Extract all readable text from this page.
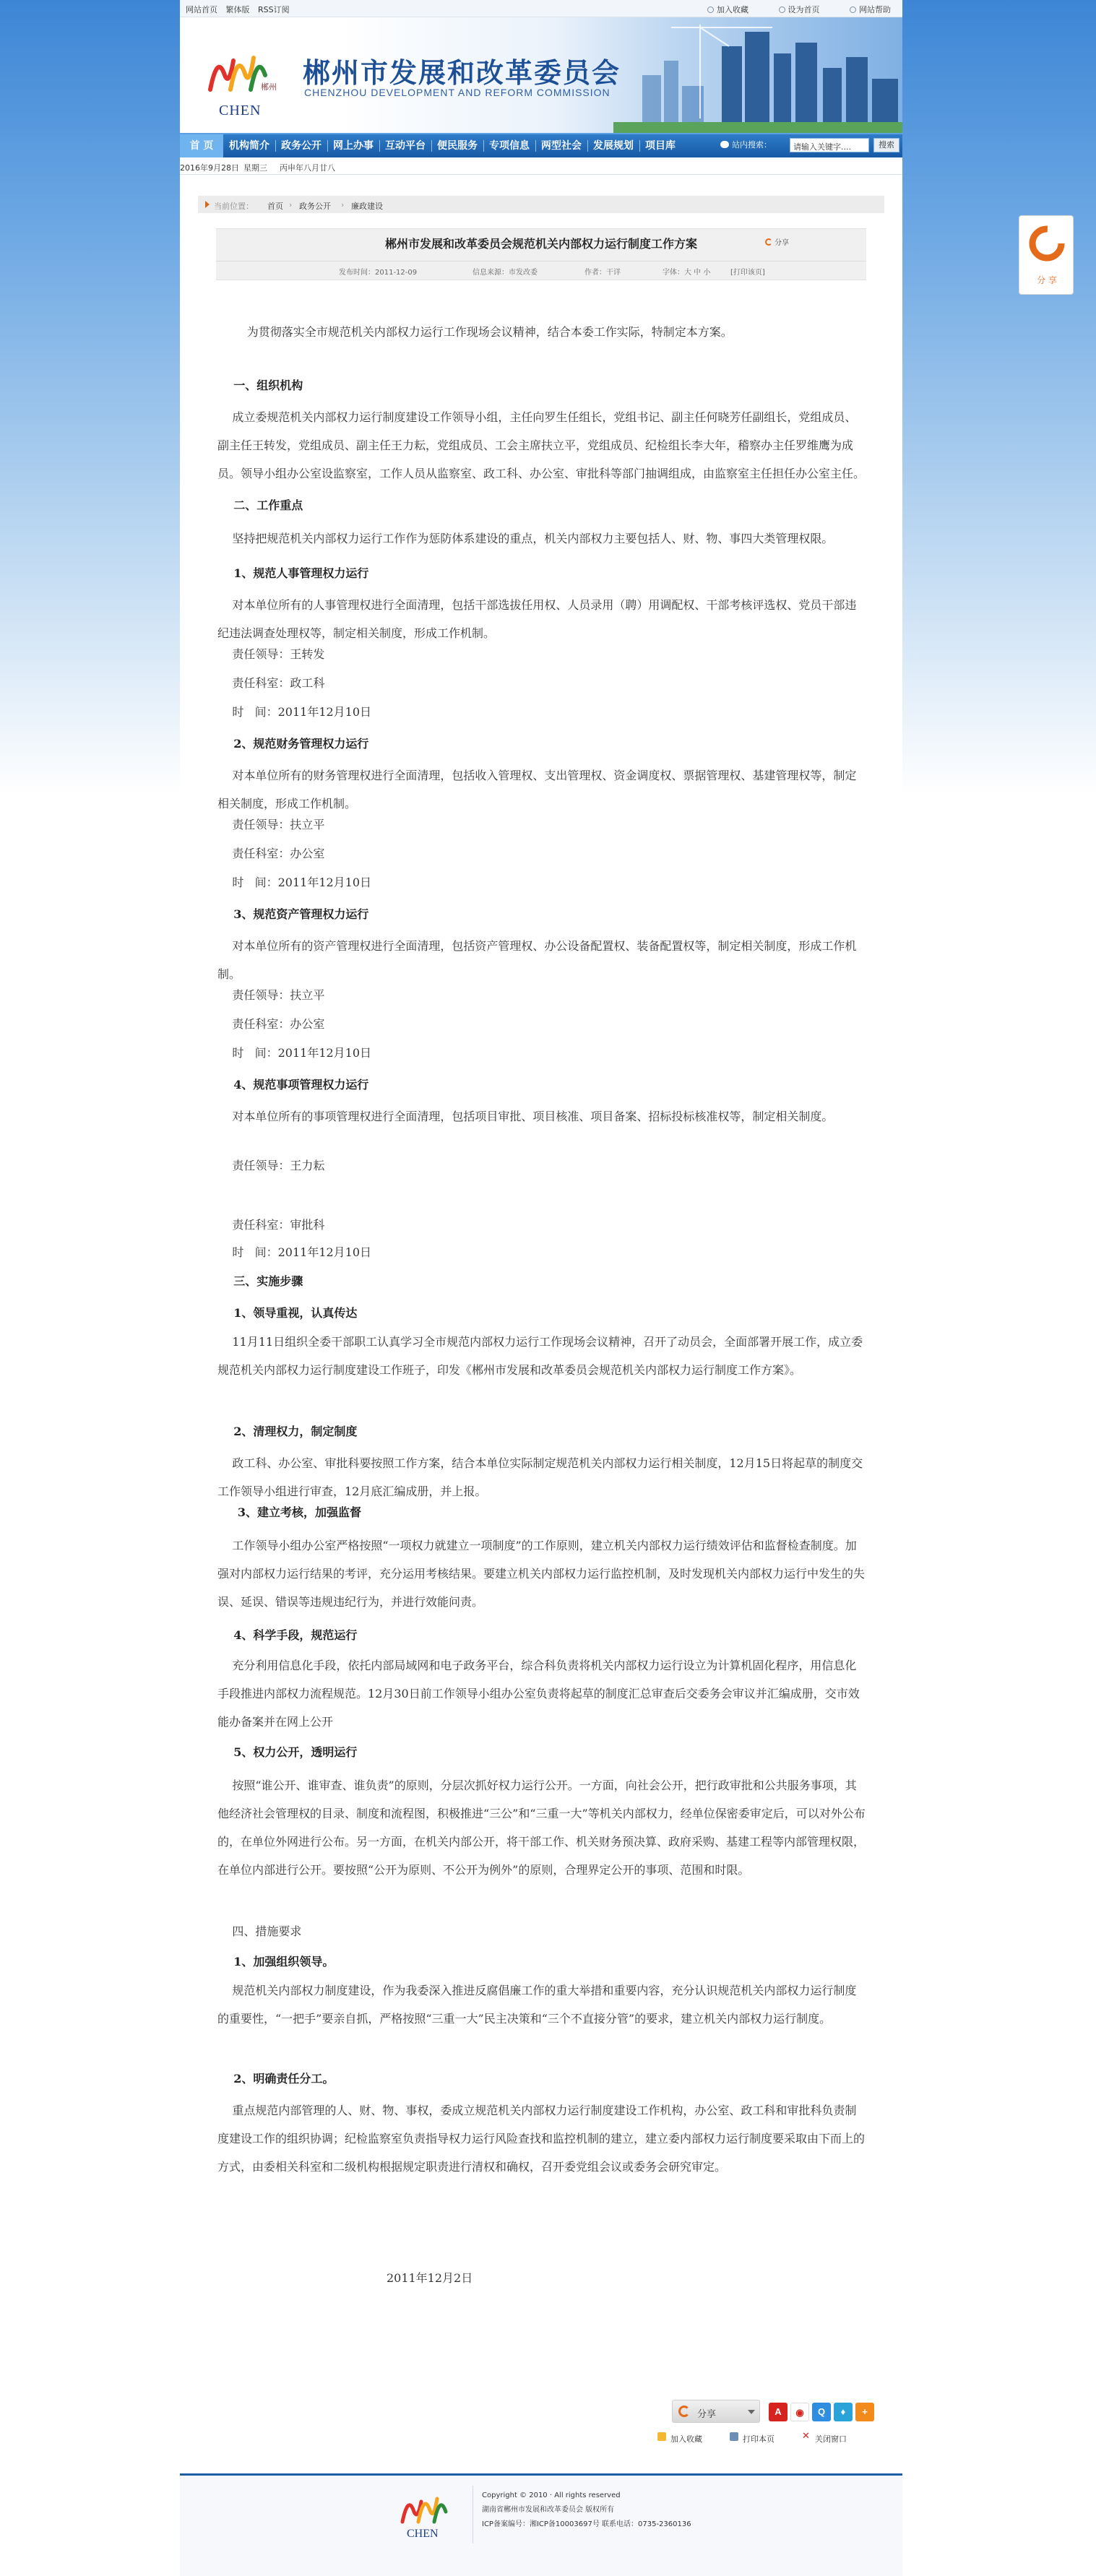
网站首页 繁体版 RSS订阅	加入收藏	设为首页	网站帮助
郴州
CHEN
郴州市发展和改革委员会
CHENZHOU DEVELOPMENT AND REFORM COMMISSION
首 页	机构简介 政务公开 网上办事 互动平台 便民服务 专项信息 两型社会 发展规划 项目库	站内搜索：	请输入关键字....	搜索
2016年9月28日 星期三 丙申年八月廿八
当前位置： 首页 › 政务公开 › 廉政建设
郴州市发展和改革委员会规范机关内部权力运行制度工作方案	分享
发布时间：2011-12-09	信息来源：市发改委	作者：干详	字体：大 中 小	[打印该页]

为贯彻落实全市规范机关内部权力运行工作现场会议精神，结合本委工作实际，特制定本方案。

一、组织机构

成立委规范机关内部权力运行制度建设工作领导小组，主任向罗生任组长，党组书记、副主任何晓芳任副组长，党组成员、副主任王转发，党组成员、副主任王力耘，党组成员、工会主席扶立平，党组成员、纪检组长李大年，稽察办主任罗维鹰为成员。领导小组办公室设监察室，工作人员从监察室、政工科、办公室、审批科等部门抽调组成，由监察室主任担任办公室主任。

二、工作重点

坚持把规范机关内部权力运行工作作为惩防体系建设的重点，机关内部权力主要包括人、财、物、事四大类管理权限。

1、规范人事管理权力运行

对本单位所有的人事管理权进行全面清理，包括干部选拔任用权、人员录用（聘）用调配权、干部考核评选权、党员干部违纪违法调查处理权等，制定相关制度，形成工作机制。

责任领导：王转发

责任科室：政工科

时   间：2011年12月10日

2、规范财务管理权力运行

对本单位所有的财务管理权进行全面清理，包括收入管理权、支出管理权、资金调度权、票据管理权、基建管理权等，制定相关制度，形成工作机制。

责任领导：扶立平

责任科室：办公室

时   间：2011年12月10日

3、规范资产管理权力运行

对本单位所有的资产管理权进行全面清理，包括资产管理权、办公设备配置权、装备配置权等，制定相关制度，形成工作机制。

责任领导：扶立平

责任科室：办公室

时   间：2011年12月10日

4、规范事项管理权力运行

对本单位所有的事项管理权进行全面清理，包括项目审批、项目核准、项目备案、招标投标核准权等，制定相关制度。

责任领导：王力耘

责任科室：审批科

时   间：2011年12月10日

三、实施步骤

1、领导重视，认真传达

11月11日组织全委干部职工认真学习全市规范内部权力运行工作现场会议精神，召开了动员会，全面部署开展工作，成立委规范机关内部权力运行制度建设工作班子，印发《郴州市发展和改革委员会规范机关内部权力运行制度工作方案》。

2、清理权力，制定制度

政工科、办公室、审批科要按照工作方案，结合本单位实际制定规范机关内部权力运行相关制度，12月15日将起草的制度交工作领导小组进行审查，12月底汇编成册，并上报。

3、建立考核，加强监督

工作领导小组办公室严格按照“一项权力就建立一项制度”的工作原则，建立机关内部权力运行绩效评估和监督检查制度。加强对内部权力运行结果的考评，充分运用考核结果。要建立机关内部权力运行监控机制，及时发现机关内部权力运行中发生的失误、延误、错误等违规违纪行为，并进行效能问责。

4、科学手段，规范运行

充分利用信息化手段，依托内部局域网和电子政务平台，综合科负责将机关内部权力运行设立为计算机固化程序，用信息化手段推进内部权力流程规范。12月30日前工作领导小组办公室负责将起草的制度汇总审查后交委务会审议并汇编成册，交市效能办备案并在网上公开

5、权力公开，透明运行

按照“谁公开、谁审查、谁负责”的原则，分层次抓好权力运行公开。一方面，向社会公开，把行政审批和公共服务事项，其他经济社会管理权的目录、制度和流程图，积极推进“三公”和“三重一大”等机关内部权力，经单位保密委审定后，可以对外公布的，在单位外网进行公布。另一方面，在机关内部公开，将干部工作、机关财务预决算、政府采购、基建工程等内部管理权限，在单位内部进行公开。要按照“公开为原则、不公开为例外”的原则，合理界定公开的事项、范围和时限。

四、措施要求

1、加强组织领导。

规范机关内部权力制度建设，作为我委深入推进反腐倡廉工作的重大举措和重要内容，充分认识规范机关内部权力运行制度的重要性，“一把手”要亲自抓，严格按照“三重一大”民主决策和“三个不直接分管”的要求，建立机关内部权力运行制度。

2、明确责任分工。

重点规范内部管理的人、财、物、事权，委成立规范机关内部权力运行制度建设工作机构，办公室、政工科和审批科负责制度建设工作的组织协调；纪检监察室负责指导权力运行风险查找和监控机制的建立，建立委内部权力运行制度要采取由下而上的方式，由委相关科室和二级机构根据规定职责进行清权和确权，召开委党组会议或委务会研究审定。

2011年12月2日

分享	A	◉	Q	♦	+
加入收藏	打印本页	✕ 关闭窗口
CHEN
Copyright © 2010 · All rights reserved
湖南省郴州市发展和改革委员会 版权所有
ICP备案编号：湘ICP备10003697号 联系电话：0735-2360136
分 享
